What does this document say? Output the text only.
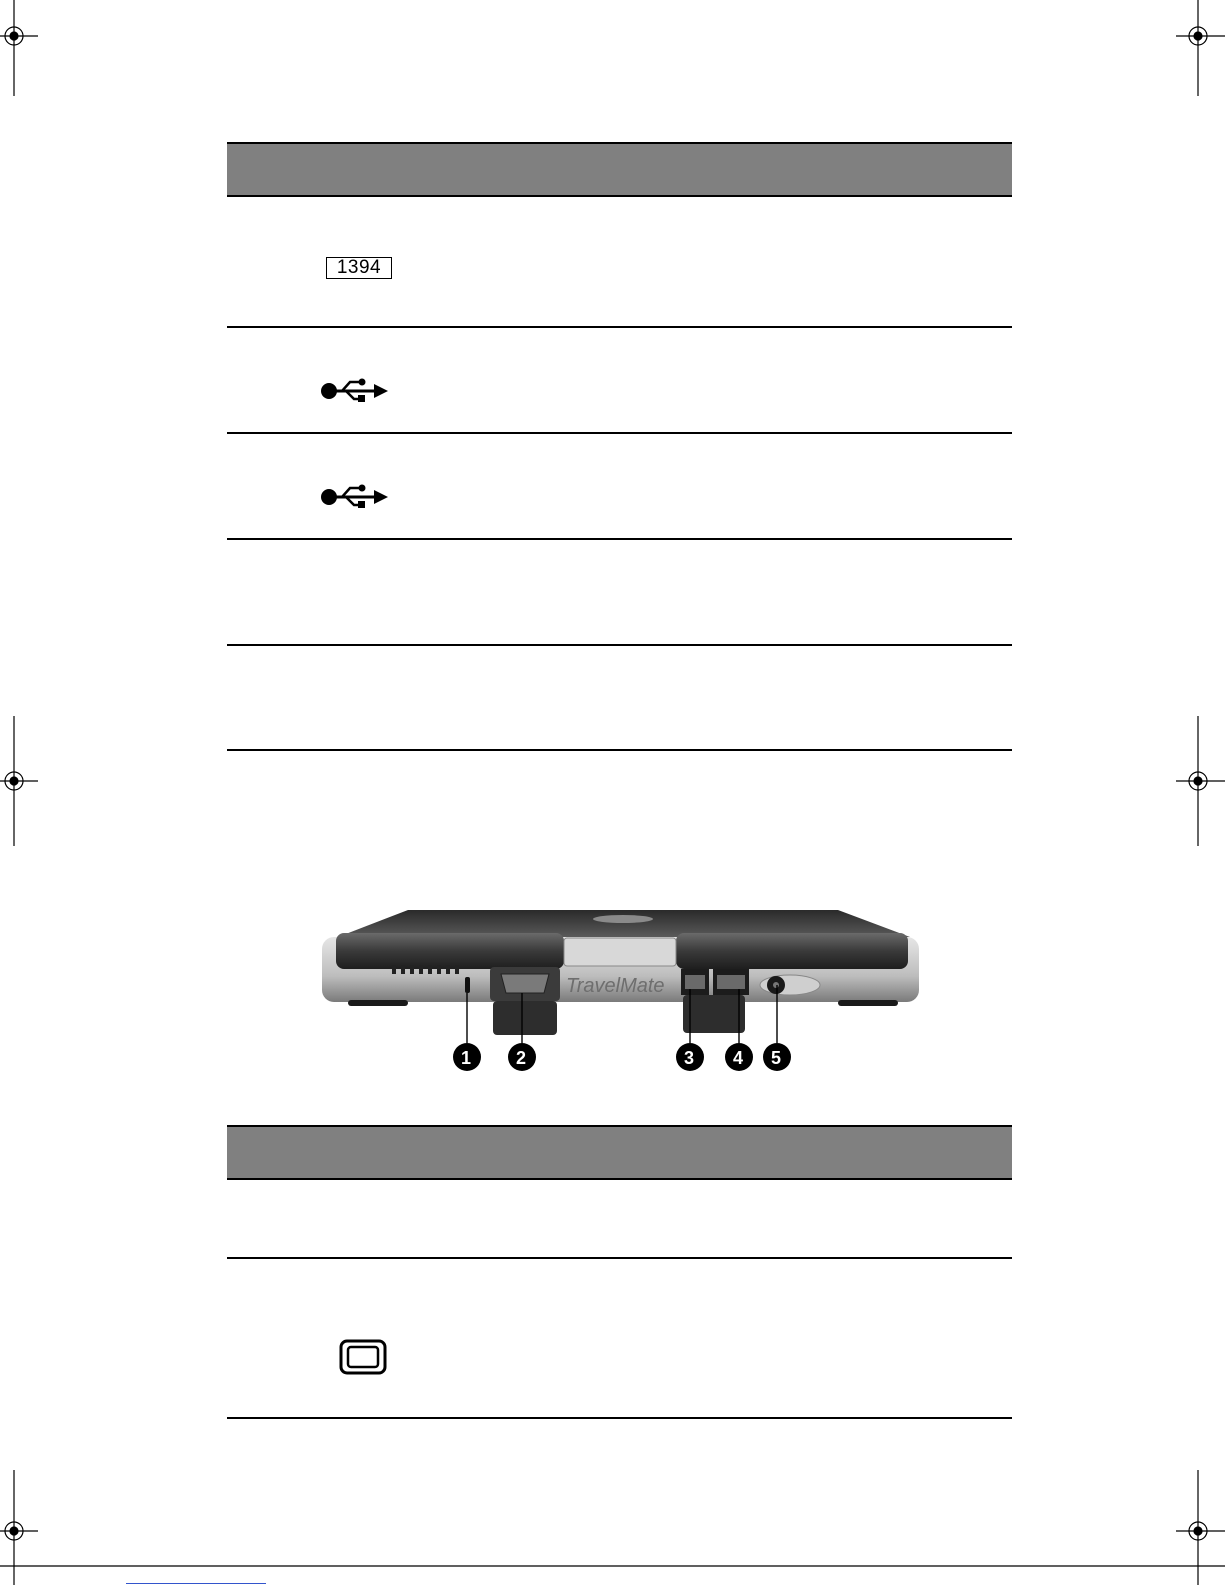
1394
TravelMate
1 2	3 4 5
